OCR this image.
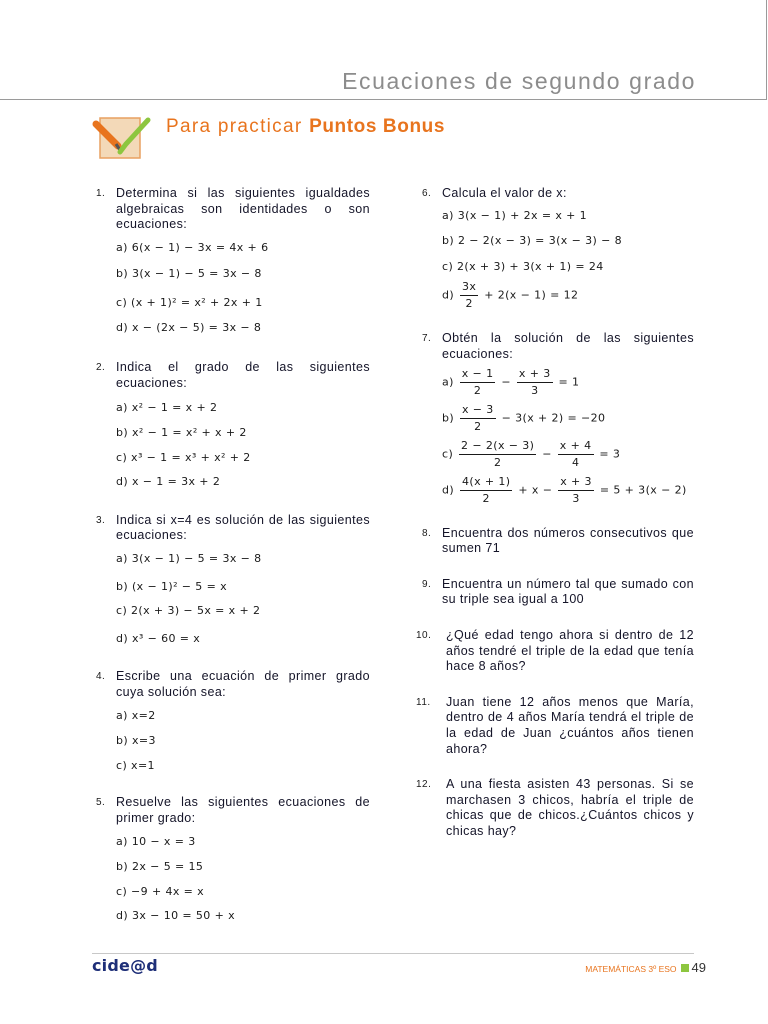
Ecuaciones de segundo grado
Para practicar Puntos Bonus
1. Determina si las siguientes igualdades algebraicas son identidades o son ecuaciones:
a) 6(x − 1) − 3x = 4x + 6
b) 3(x − 1) − 5 = 3x − 8
c) (x + 1)² = x² + 2x + 1
d) x − (2x − 5) = 3x − 8
2. Indica el grado de las siguientes ecuaciones:
a) x² − 1 = x + 2
b) x² − 1 = x² + x + 2
c) x³ − 1 = x³ + x² + 2
d) x − 1 = 3x + 2
3. Indica si x=4 es solución de las siguientes ecuaciones:
a) 3(x − 1) − 5 = 3x − 8
b) (x − 1)² − 5 = x
c) 2(x + 3) − 5x = x + 2
d) x³ − 60 = x
4. Escribe una ecuación de primer grado cuya solución sea:
a) x=2
b) x=3
c) x=1
5. Resuelve las siguientes ecuaciones de primer grado:
a) 10 − x = 3
b) 2x − 5 = 15
c) −9 + 4x = x
d) 3x − 10 = 50 + x
6. Calcula el valor de x:
a) 3(x − 1) + 2x = x + 1
b) 2 − 2(x − 3) = 3(x − 3) − 8
c) 2(x + 3) + 3(x + 1) = 24
$d) \frac{3x}{2} + 2(x - 1) = 12$
7. Obtén la solución de las siguientes ecuaciones:
$a) \frac{x - 1}{2} - \frac{x + 3}{3} = 1$
$b) \frac{x - 3}{2} - 3(x + 2) = -20$
$c) \frac{2 - 2(x - 3)}{2} - \frac{x + 4}{4} = 3$
$d) \frac{4(x + 1)}{2} + x - \frac{x + 3}{3} = 5 + 3(x - 2)$
8. Encuentra dos números consecutivos que sumen 71
9. Encuentra un número tal que sumado con su triple sea igual a 100
10. ¿Qué edad tengo ahora si dentro de 12 años tendré el triple de la edad que tenía hace 8 años?
11. Juan tiene 12 años menos que María, dentro de 4 años María tendrá el triple de la edad de Juan ¿cuántos años tienen ahora?
12. A una fiesta asisten 43 personas. Si se marchasen 3 chicos, habría el triple de chicas que de chicos.¿Cuántos chicos y chicas hay?
cide@d	MATEMÁTICAS 3º ESO 49
